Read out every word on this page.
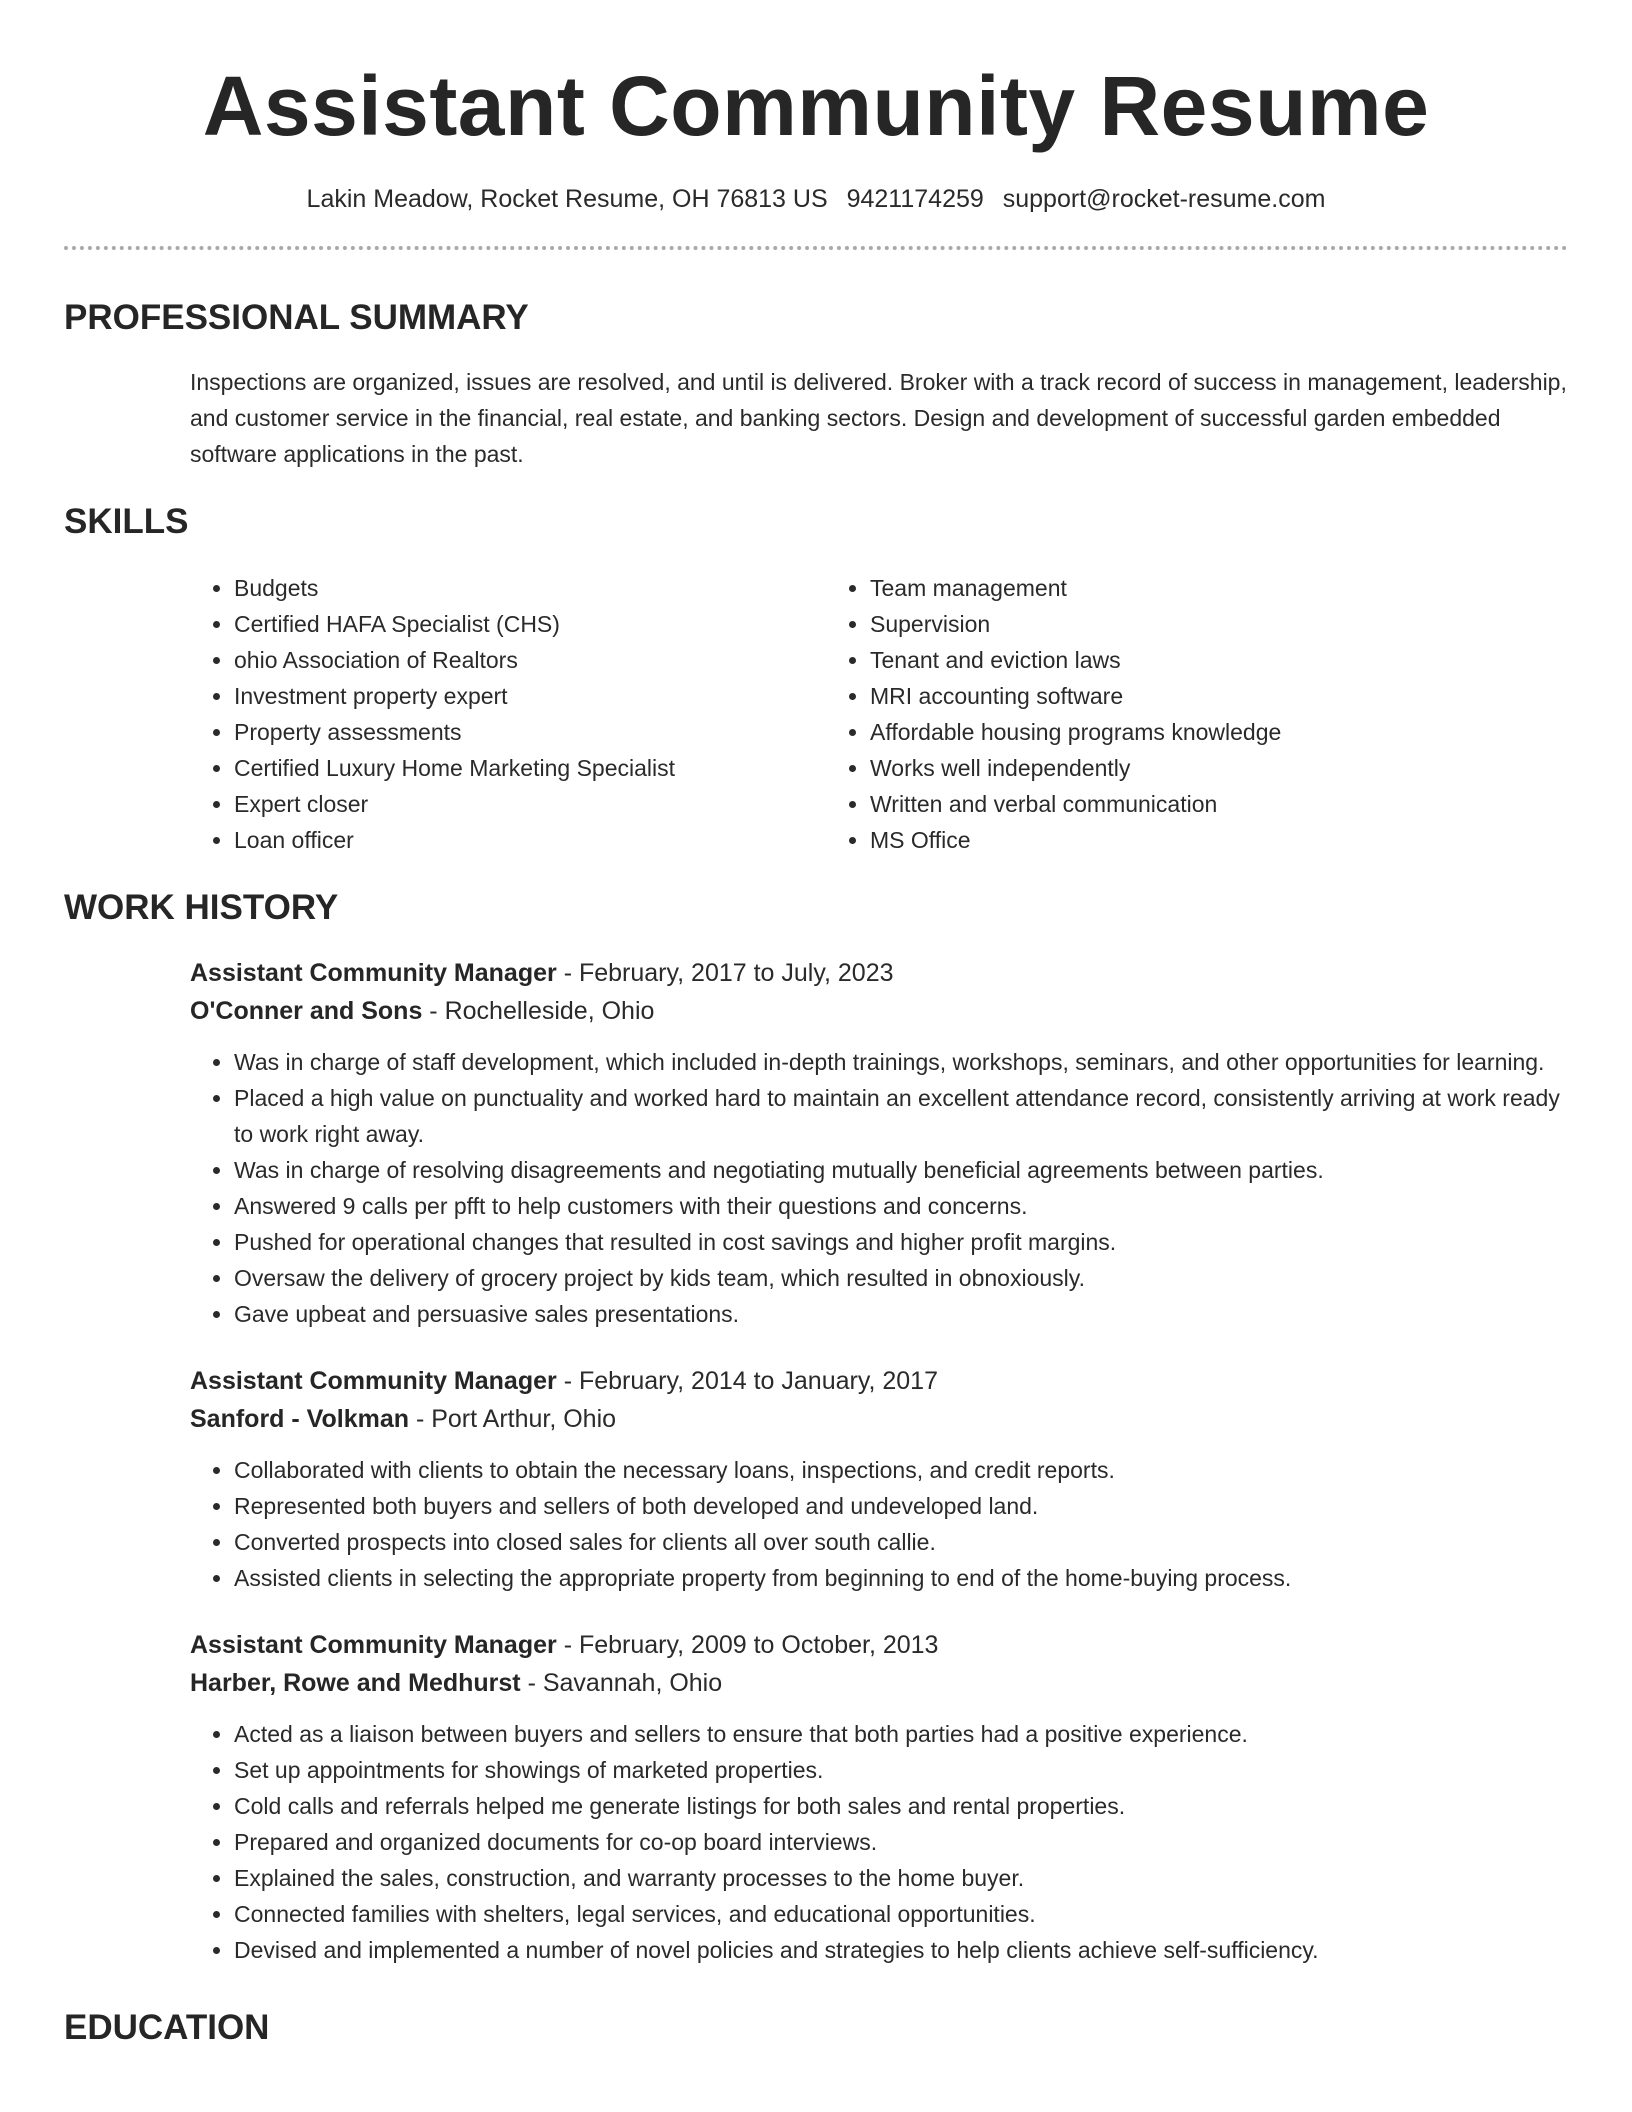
Assistant Community Resume
Lakin Meadow, Rocket Resume, OH 76813 US 9421174259 support@rocket-resume.com
PROFESSIONAL SUMMARY

Inspections are organized, issues are resolved, and until is delivered. Broker with a track record of success in management, leadership, and customer service in the financial, real estate, and banking sectors. Design and development of successful garden embedded software applications in the past.

SKILLS
• Budgets
• Certified HAFA Specialist (CHS)
• ohio Association of Realtors
• Investment property expert
• Property assessments
• Certified Luxury Home Marketing Specialist
• Expert closer
• Loan officer
• Team management
• Supervision
• Tenant and eviction laws
• MRI accounting software
• Affordable housing programs knowledge
• Works well independently
• Written and verbal communication
• MS Office
WORK HISTORY
Assistant Community Manager - February, 2017 to July, 2023
O'Conner and Sons - Rochelleside, Ohio
• Was in charge of staff development, which included in-depth trainings, workshops, seminars, and other opportunities for learning.
• Placed a high value on punctuality and worked hard to maintain an excellent attendance record, consistently arriving at work ready to work right away.
• Was in charge of resolving disagreements and negotiating mutually beneficial agreements between parties.
• Answered 9 calls per pfft to help customers with their questions and concerns.
• Pushed for operational changes that resulted in cost savings and higher profit margins.
• Oversaw the delivery of grocery project by kids team, which resulted in obnoxiously.
• Gave upbeat and persuasive sales presentations.
Assistant Community Manager - February, 2014 to January, 2017
Sanford - Volkman - Port Arthur, Ohio
• Collaborated with clients to obtain the necessary loans, inspections, and credit reports.
• Represented both buyers and sellers of both developed and undeveloped land.
• Converted prospects into closed sales for clients all over south callie.
• Assisted clients in selecting the appropriate property from beginning to end of the home-buying process.
Assistant Community Manager - February, 2009 to October, 2013
Harber, Rowe and Medhurst - Savannah, Ohio
• Acted as a liaison between buyers and sellers to ensure that both parties had a positive experience.
• Set up appointments for showings of marketed properties.
• Cold calls and referrals helped me generate listings for both sales and rental properties.
• Prepared and organized documents for co-op board interviews.
• Explained the sales, construction, and warranty processes to the home buyer.
• Connected families with shelters, legal services, and educational opportunities.
• Devised and implemented a number of novel policies and strategies to help clients achieve self-sufficiency.
EDUCATION
